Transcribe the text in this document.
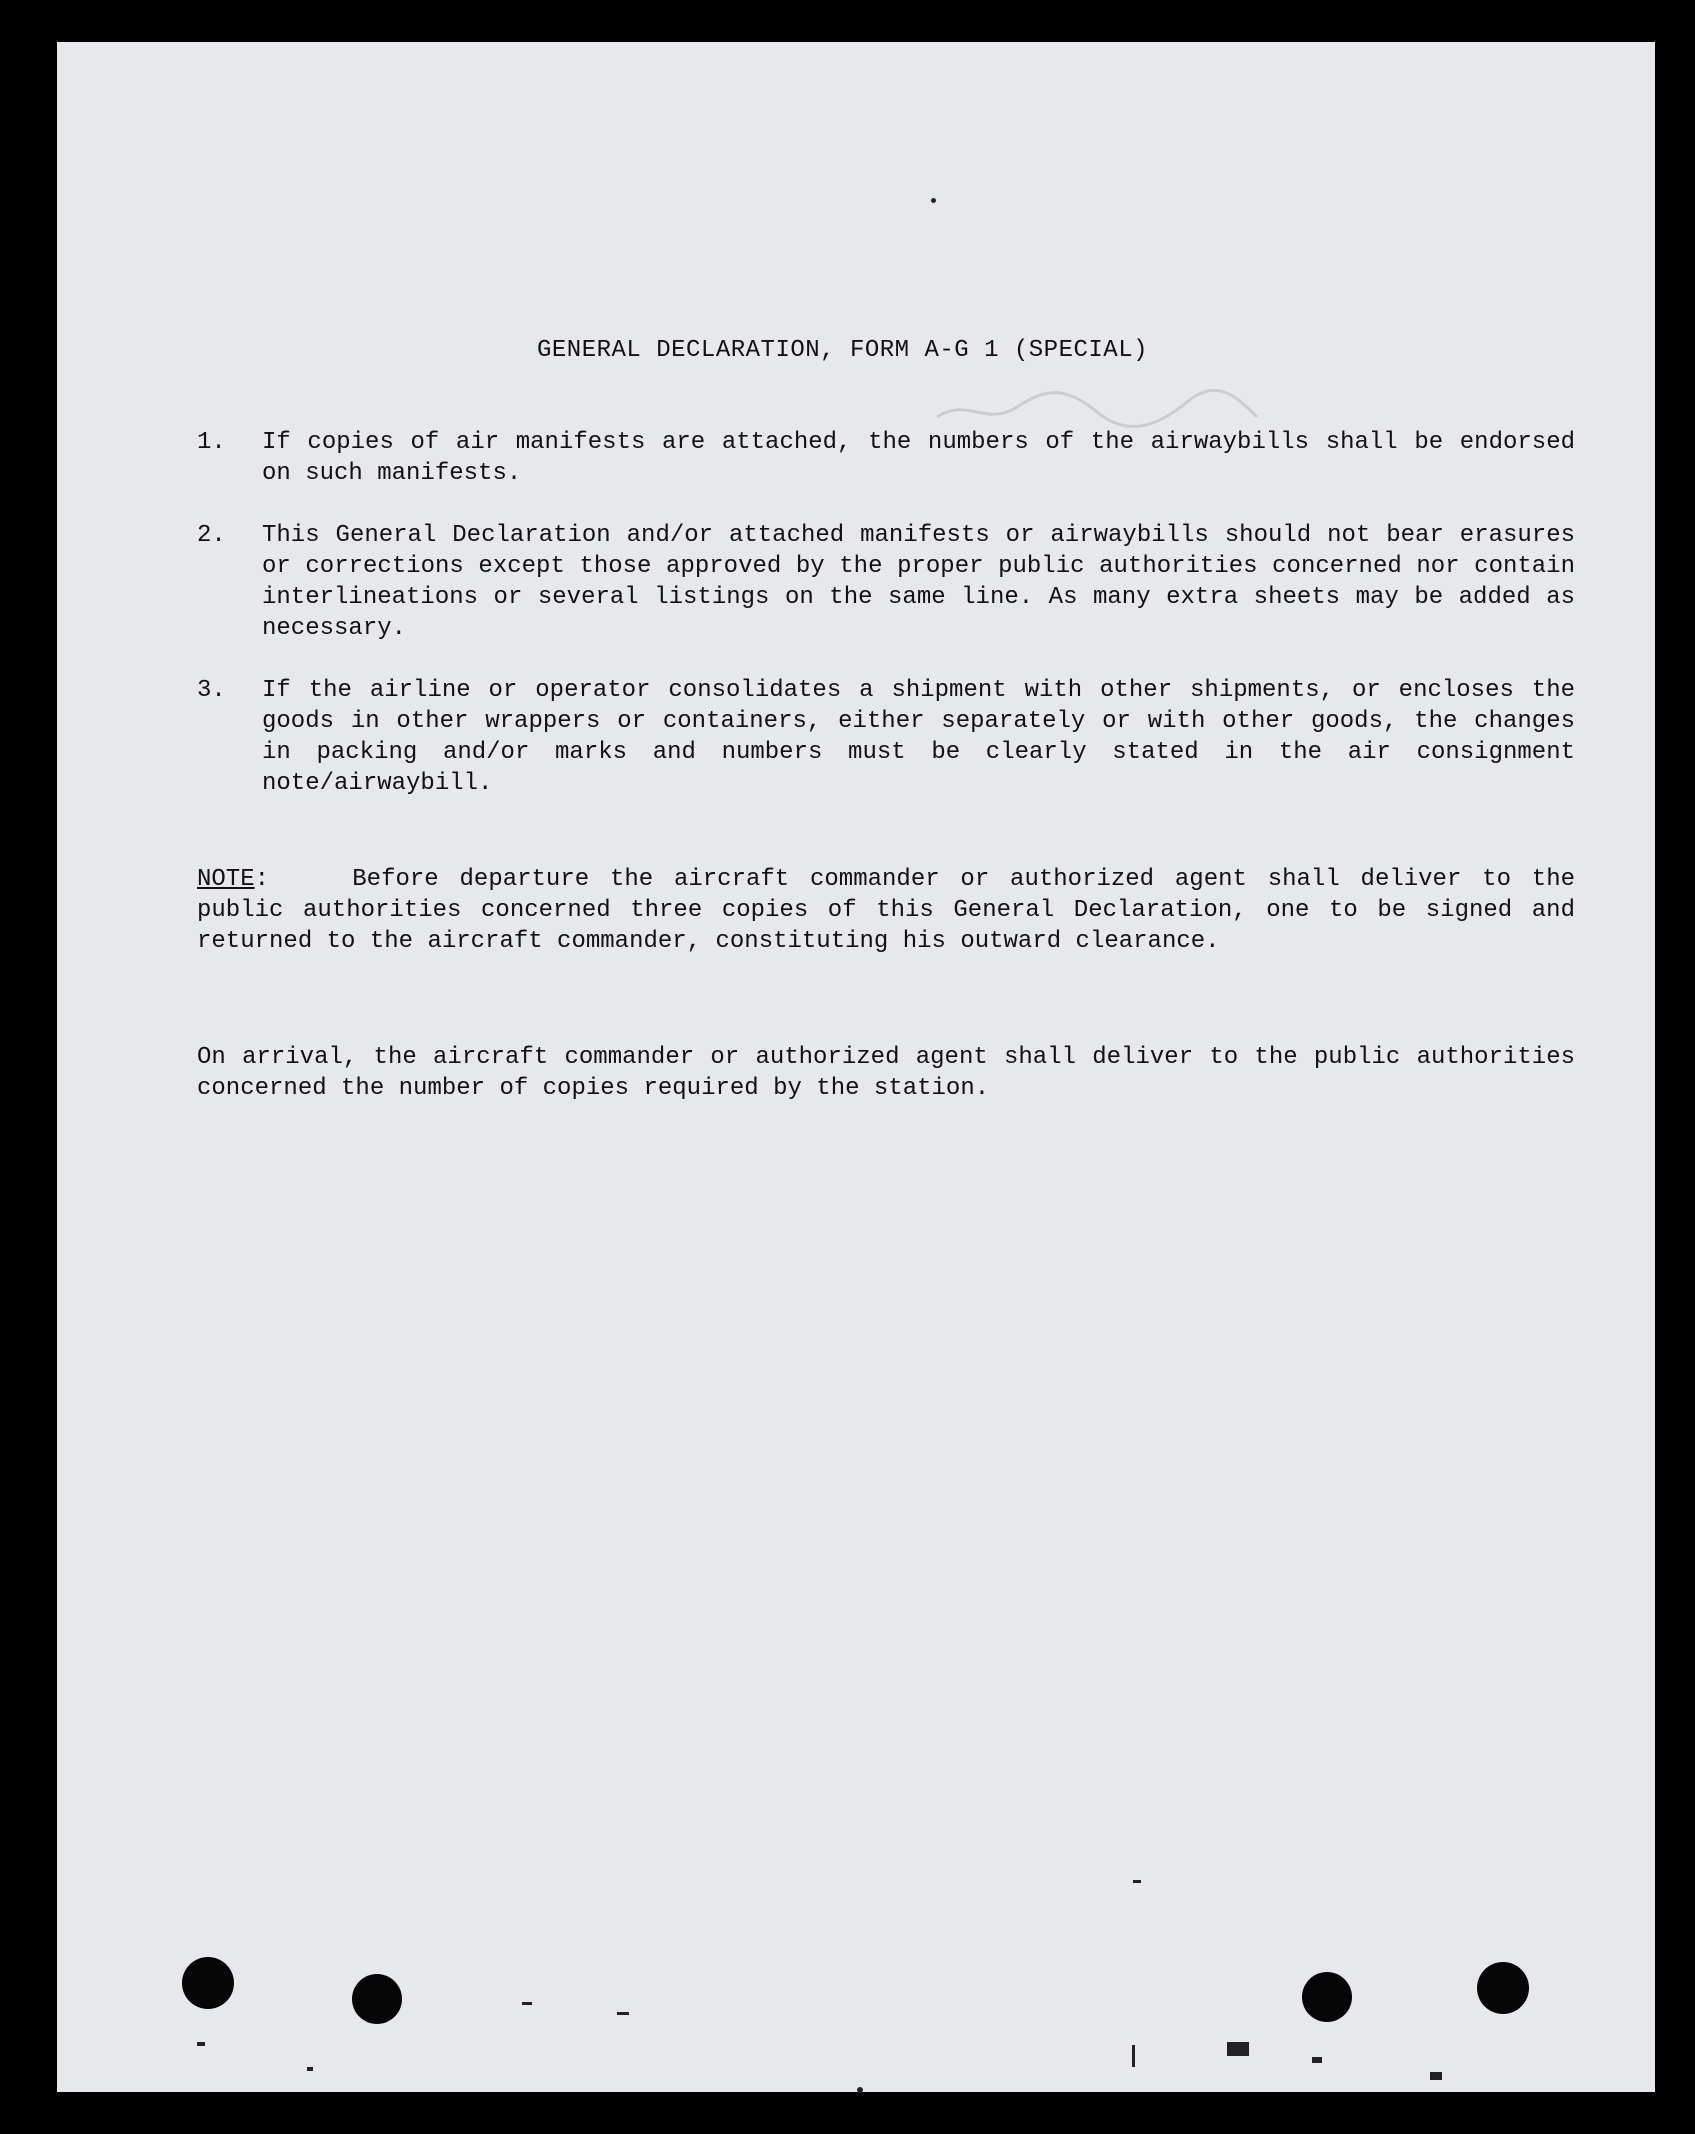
GENERAL DECLARATION, FORM A-G 1 (SPECIAL)
1. If copies of air manifests are attached, the numbers of the airwaybills shall be endorsed on such manifests.
2. This General Declaration and/or attached manifests or airwaybills should not bear erasures or corrections except those approved by the proper public authorities concerned nor contain interlineations or several listings on the same line. As many extra sheets may be added as necessary.
3. If the airline or operator consolidates a shipment with other shipments, or encloses the goods in other wrappers or containers, either separately or with other goods, the changes in packing and/or marks and numbers must be clearly stated in the air consignment note/airwaybill.
NOTE:    Before departure the aircraft commander or authorized agent shall deliver to the public authorities concerned three copies of this General Declaration, one to be signed and returned to the aircraft commander, constituting his outward clearance.
On arrival, the aircraft commander or authorized agent shall deliver to the public authorities concerned the number of copies required by the station.
